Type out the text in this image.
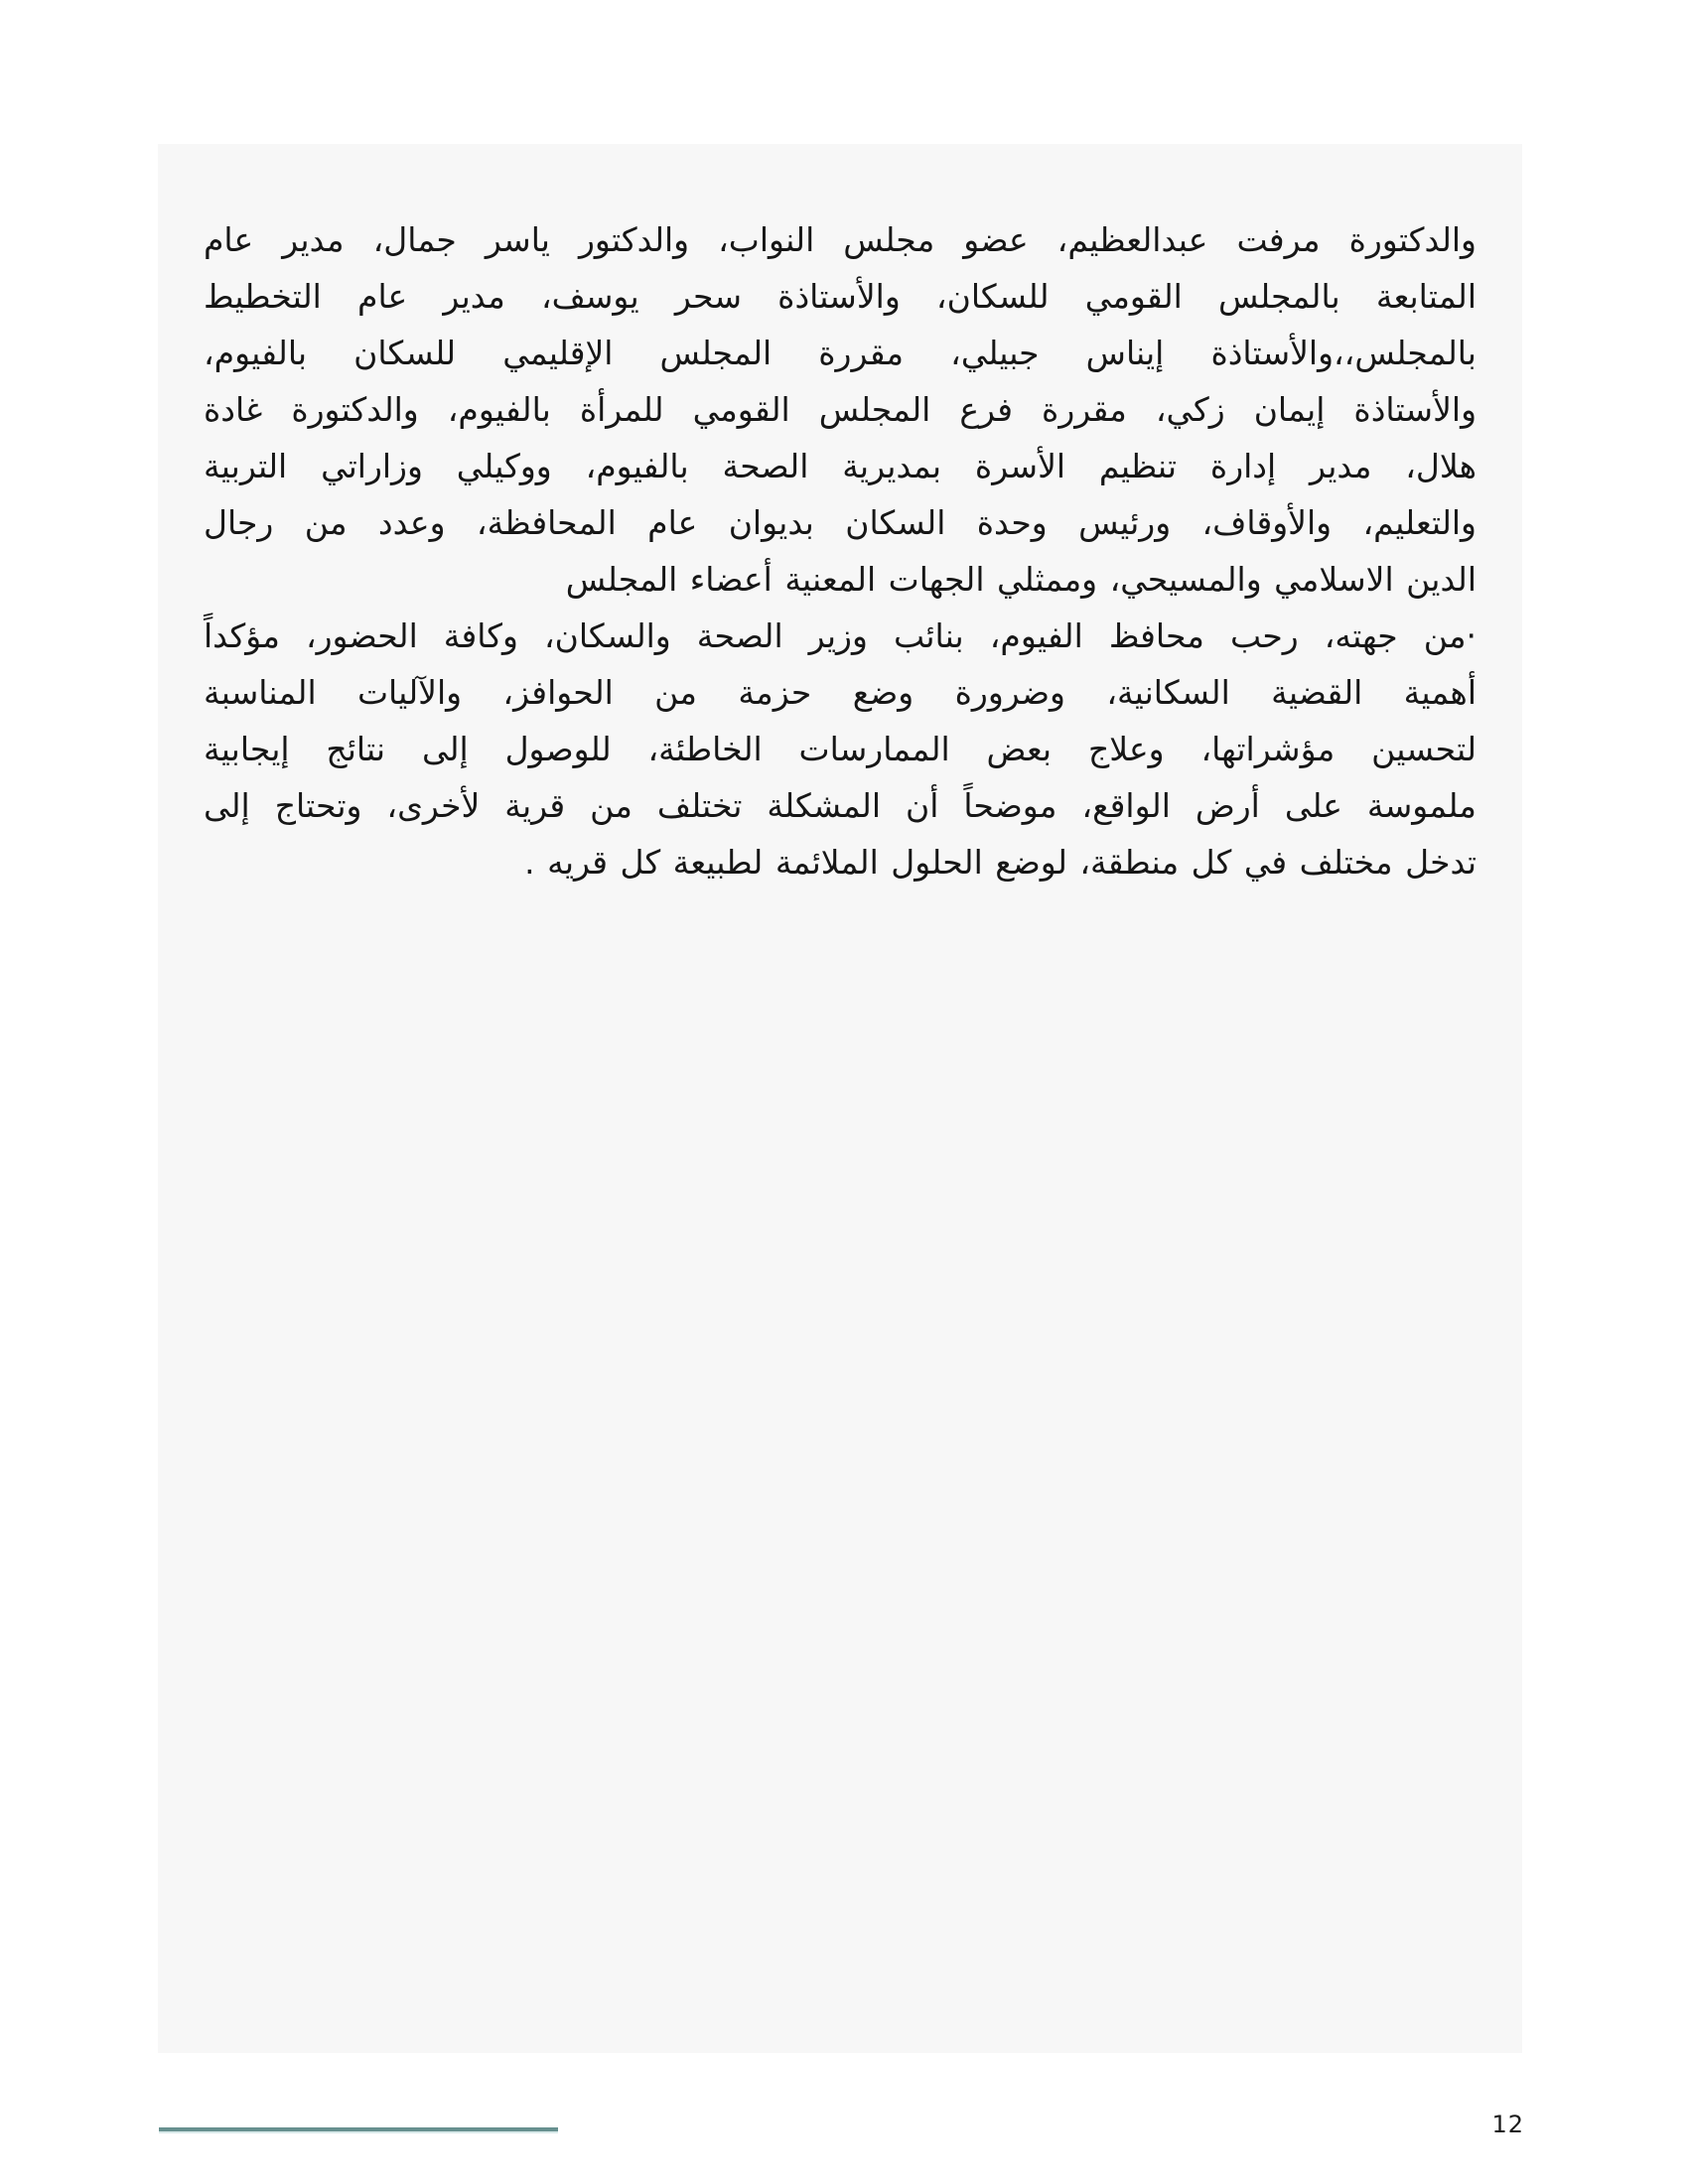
والدكتورة مرفت عبدالعظيم، عضو مجلس النواب، والدكتور ياسر جمال، مدير عام
المتابعة بالمجلس القومي للسكان، والأستاذة سحر يوسف، مدير عام التخطيط
بالمجلس،،والأستاذة إيناس جبيلي، مقررة المجلس الإقليمي للسكان بالفيوم،
والأستاذة إيمان زكي، مقررة فرع المجلس القومي للمرأة بالفيوم، والدكتورة غادة
هلال، مدير إدارة تنظيم الأسرة بمديرية الصحة بالفيوم، ووكيلي وزاراتي التربية
والتعليم، والأوقاف، ورئيس وحدة السكان بديوان عام المحافظة، وعدد من رجال
الدين الاسلامي والمسيحي، وممثلي الجهات المعنية أعضاء المجلس
·من جهته، رحب محافظ الفيوم، بنائب وزير الصحة والسكان، وكافة الحضور، مؤكداً
أهمية القضية السكانية، وضرورة وضع حزمة من الحوافز، والآليات المناسبة
لتحسين مؤشراتها، وعلاج بعض الممارسات الخاطئة، للوصول إلى نتائج إيجابية
ملموسة على أرض الواقع، موضحاً أن المشكلة تختلف من قرية لأخرى، وتحتاج إلى
تدخل مختلف في كل منطقة، لوضع الحلول الملائمة لطبيعة كل قريه .
12
